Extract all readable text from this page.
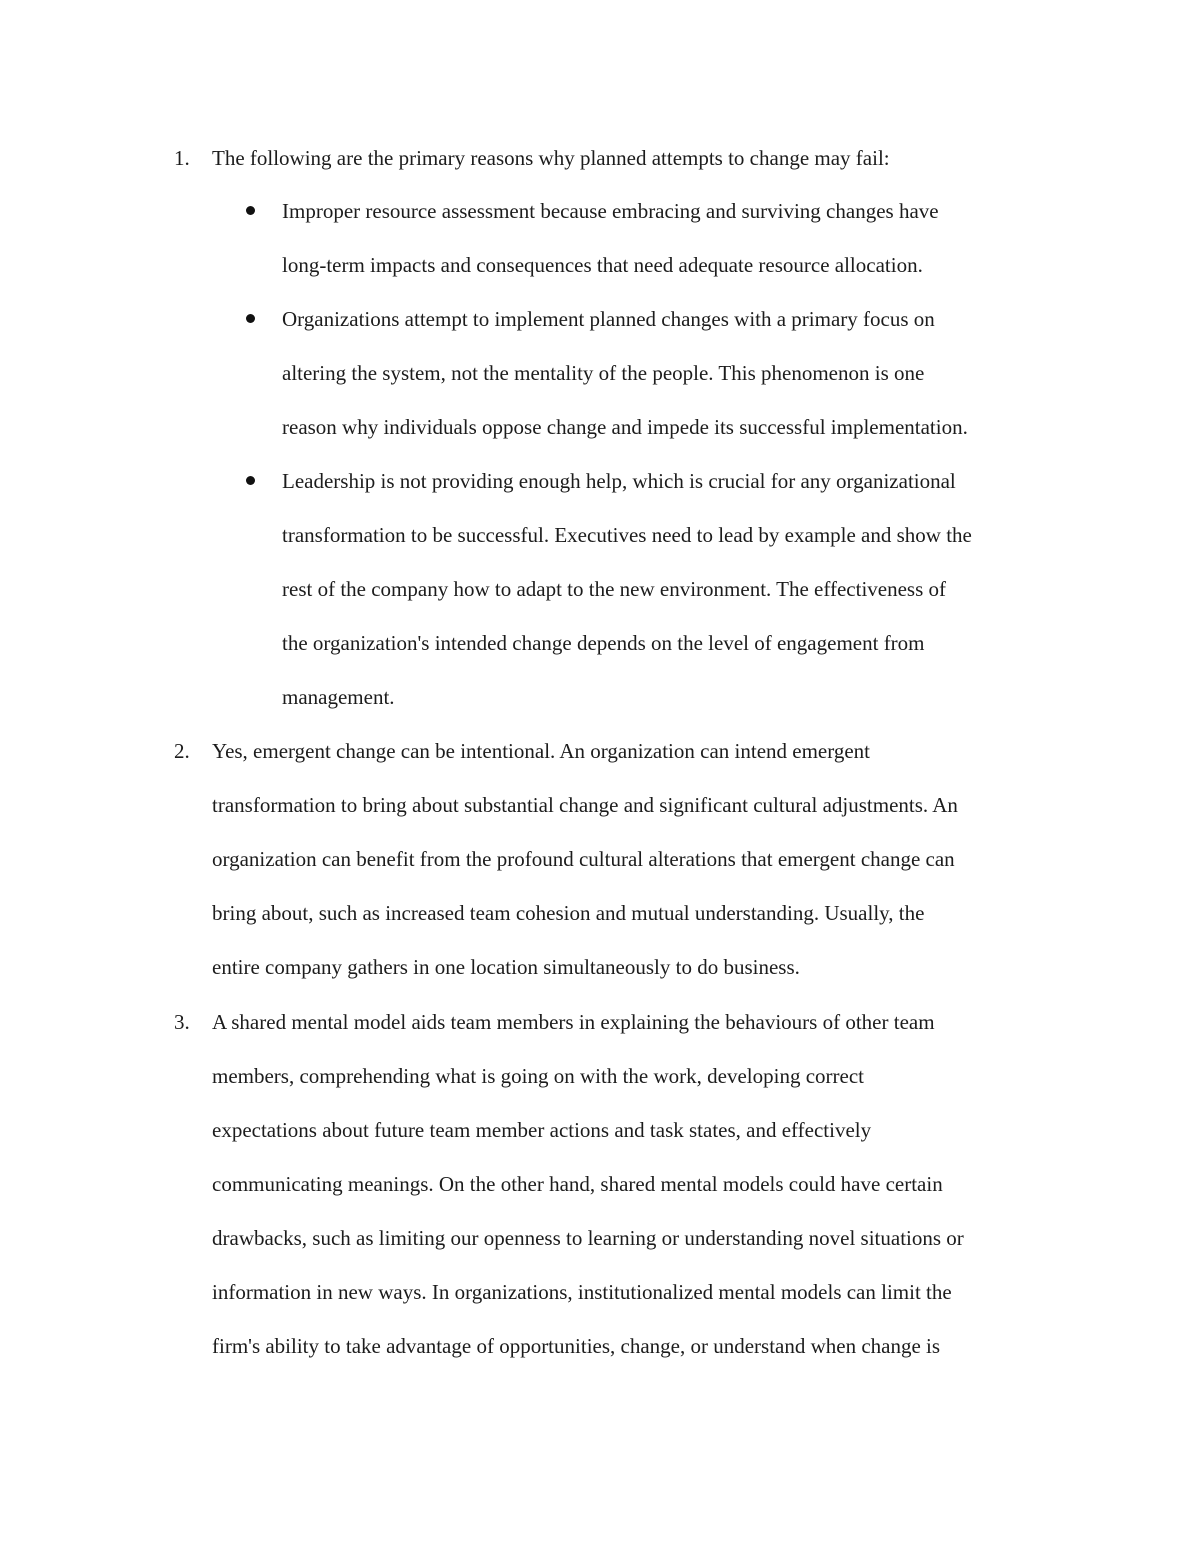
1. The following are the primary reasons why planned attempts to change may fail:
Improper resource assessment because embracing and surviving changes have
long-term impacts and consequences that need adequate resource allocation.
Organizations attempt to implement planned changes with a primary focus on
altering the system, not the mentality of the people. This phenomenon is one
reason why individuals oppose change and impede its successful implementation.
Leadership is not providing enough help, which is crucial for any organizational
transformation to be successful. Executives need to lead by example and show the
rest of the company how to adapt to the new environment. The effectiveness of
the organization's intended change depends on the level of engagement from
management.
2. Yes, emergent change can be intentional. An organization can intend emergent
transformation to bring about substantial change and significant cultural adjustments. An
organization can benefit from the profound cultural alterations that emergent change can
bring about, such as increased team cohesion and mutual understanding. Usually, the
entire company gathers in one location simultaneously to do business.
3. A shared mental model aids team members in explaining the behaviours of other team
members, comprehending what is going on with the work, developing correct
expectations about future team member actions and task states, and effectively
communicating meanings. On the other hand, shared mental models could have certain
drawbacks, such as limiting our openness to learning or understanding novel situations or
information in new ways. In organizations, institutionalized mental models can limit the
firm's ability to take advantage of opportunities, change, or understand when change is
